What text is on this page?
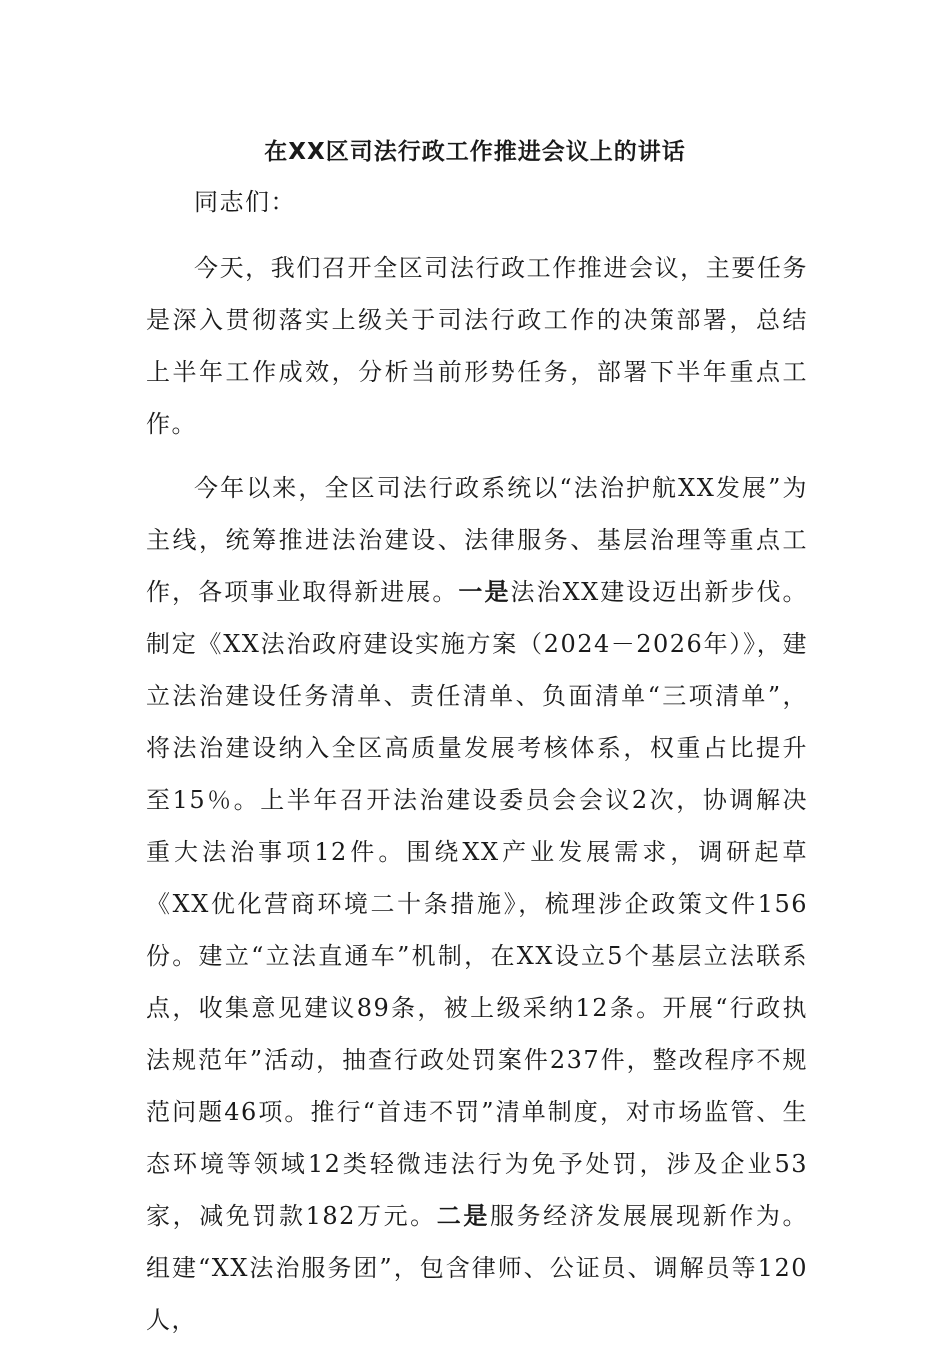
在XX区司法行政工作推进会议上的讲话

同志们：

今天，我们召开全区司法行政工作推进会议，主要任务是深入贯彻落实上级关于司法行政工作的决策部署，总结上半年工作成效，分析当前形势任务，部署下半年重点工作。

今年以来，全区司法行政系统以“法治护航XX发展”为主线，统筹推进法治建设、法律服务、基层治理等重点工作，各项事业取得新进展。一是法治XX建设迈出新步伐。制定《XX法治政府建设实施方案（2024－2026年）》，建立法治建设任务清单、责任清单、负面清单“三项清单”，将法治建设纳入全区高质量发展考核体系，权重占比提升至15％。上半年召开法治建设委员会会议2次，协调解决重大法治事项12件。围绕XX产业发展需求，调研起草《XX优化营商环境二十条措施》，梳理涉企政策文件156份。建立“立法直通车”机制，在XX设立5个基层立法联系点，收集意见建议89条，被上级采纳12条。开展“行政执法规范年”活动，抽查行政处罚案件237件，整改程序不规范问题46项。推行“首违不罚”清单制度，对市场监管、生态环境等领域12类轻微违法行为免予处罚，涉及企业53家，减免罚款182万元。二是服务经济发展展现新作为。组建“XX法治服务团”，包含律师、公证员、调解员等120人，
